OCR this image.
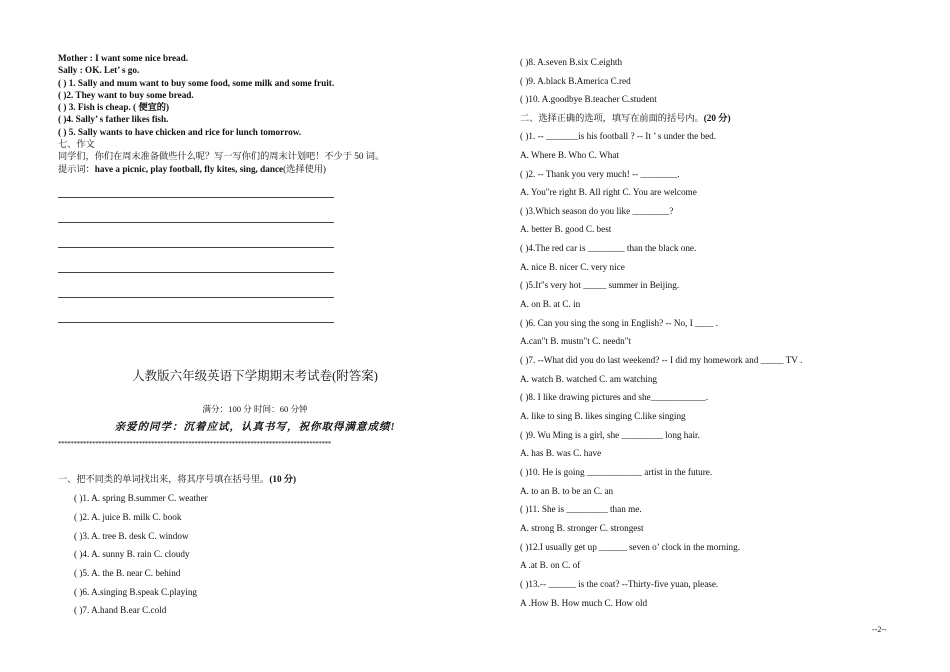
Mother : I want some nice bread.
Sally : OK. Let’ s go.
( ) 1. Sally and mum want to buy some food, some milk and some fruit.
( )2. They want to buy some bread.
( ) 3. Fish is cheap. ( 便宜的)
( )4. Sally’ s father likes fish.
( ) 5. Sally wants to have chicken and rice for lunch tomorrow.
七、作文
同学们，你们在周末准备做些什么呢？写一写你们的周末计划吧！不少于 50 词。
提示词：have a picnic, play football, fly kites, sing, dance(选择使用)
人教版六年级英语下学期期末考试卷(附答案)
满分：100 分 时间：60 分钟
亲爱的同学：沉着应试，认真书写，祝你取得满意成绩!
****************************************************************************************
一、把不同类的单词找出来，将其序号填在括号里。(10 分)
( )1. A. spring B.summer C. weather
( )2. A. juice B. milk C. book
( )3. A. tree B. desk C. window
( )4. A. sunny B. rain C. cloudy
( )5. A. the B. near C. behind
( )6. A.singing B.speak C.playing
( )7. A.hand B.ear C.cold
( )8. A.seven B.six C.eighth
( )9. A.black B.America C.red
( )10. A.goodbye B.teacher C.student
二、选择正确的选项，填写在前面的括号内。(20 分)
( )1. -- _______is his football ? -- It ’ s under the bed.
A. Where B. Who C. What
( )2. -- Thank you very much! -- ________.
A. You"re right B. All right C. You are welcome
( )3.Which season do you like ________?
A. better B. good C. best
( )4.The red car is ________ than the black one.
A. nice B. nicer C. very nice
( )5.It"s very hot _____ summer in Beijing.
A. on B. at C. in
( )6. Can you sing the song in English? -- No, I ____ .
A.can"t B. mustn"t C. needn"t
( )7. --What did you do last weekend? -- I did my homework and _____ TV .
A. watch B. watched C. am watching
( )8. I like drawing pictures and she____________.
A. like to sing B. likes singing C.like singing
( )9. Wu Ming is a girl, she _________ long hair.
A. has B. was C. have
( )10. He is going ____________ artist in the future.
A. to an B. to be an C. an
( )11. She is _________ than me.
A. strong B. stronger C. strongest
( )12.I usually get up ______ seven o’ clock in the morning.
A .at B. on C. of
( )13.-- ______ is the coat? --Thirty-five yuan, please.
A .How B. How much C. How old
--2--
